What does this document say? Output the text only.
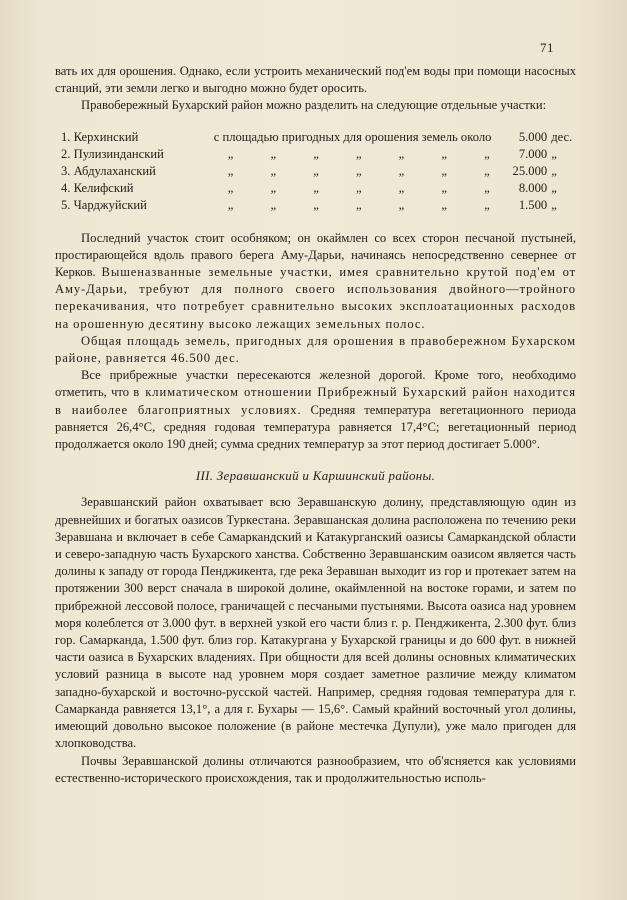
71

вать их для орошения. Однако, если устроить механический под'ем воды при помощи насосных станций, эти земли легко и выгодно можно будет оросить.

Правобережный Бухарский район можно разделить на следующие отдельные участки:

1. Керхинский	с площадью пригодных для орошения земель около	5.000 дес.
2. Пулизинданский	„	„	„	„	„	„	„	7.000 „
3. Абдулаханский	„	„	„	„	„	„	„	25.000 „
4. Келифский	„	„	„	„	„	„	„	8.000 „
5. Чарджуйский	„	„	„	„	„	„	„	1.500 „

Последний участок стоит особняком; он окаймлен со всех сторон песчаной пустыней, простирающейся вдоль правого берега Аму-Дарьи, начинаясь непосредственно севернее от Керков. Вышеназванные земельные участки, имея сравнительно крутой под'ем от Аму-Дарьи, требуют для полного своего использования двойного—тройного перекачивания, что потребует сравнительно высоких эксплоатационных расходов на орошенную десятину высоко лежащих земельных полос.

Общая площадь земель, пригодных для орошения в правобережном Бухарском районе, равняется 46.500 дес.

Все прибрежные участки пересекаются железной дорогой. Кроме того, необходимо отметить, что в климатическом отношении Прибрежный Бухарский район находится в наиболее благоприятных условиях. Средняя температура вегетационного периода равняется 26,4°С, средняя годовая температура равняется 17,4°С; вегетационный период продолжается около 190 дней; сумма средних температур за этот период достигает 5.000°.

III. Зеравшанский и Каршинский районы.

Зеравшанский район охватывает всю Зеравшанскую долину, представляющую один из древнейших и богатых оазисов Туркестана. Зеравшанская долина расположена по течению реки Зеравшана и включает в себе Самаркандский и Катакурганский оазисы Самаркандской области и северо-западную часть Бухарского ханства. Собственно Зеравшанским оазисом является часть долины к западу от города Пенджикента, где река Зеравшан выходит из гор и протекает затем на протяжении 300 верст сначала в широкой долине, окаймленной на востоке горами, и затем по прибрежной лессовой полосе, граничащей с песчаными пустынями. Высота оазиса над уровнем моря колеблется от 3.000 фут. в верхней узкой его части близ г. р. Пенджикента, 2.300 фут. близ гор. Самарканда, 1.500 фут. близ гор. Катакургана у Бухарской границы и до 600 фут. в нижней части оазиса в Бухарских владениях. При общности для всей долины основных климатических условий разница в высоте над уровнем моря создает заметное различие между климатом западно-бухарской и восточно-русской частей. Например, средняя годовая температура для г. Самарканда равняется 13,1°, а для г. Бухары — 15,6°. Самый крайний восточный угол долины, имеющий довольно высокое положение (в районе местечка Дупули), уже мало пригоден для хлопководства.

Почвы Зеравшанской долины отличаются разнообразием, что об'ясняется как условиями естественно-исторического происхождения, так и продолжительностью исполь-
